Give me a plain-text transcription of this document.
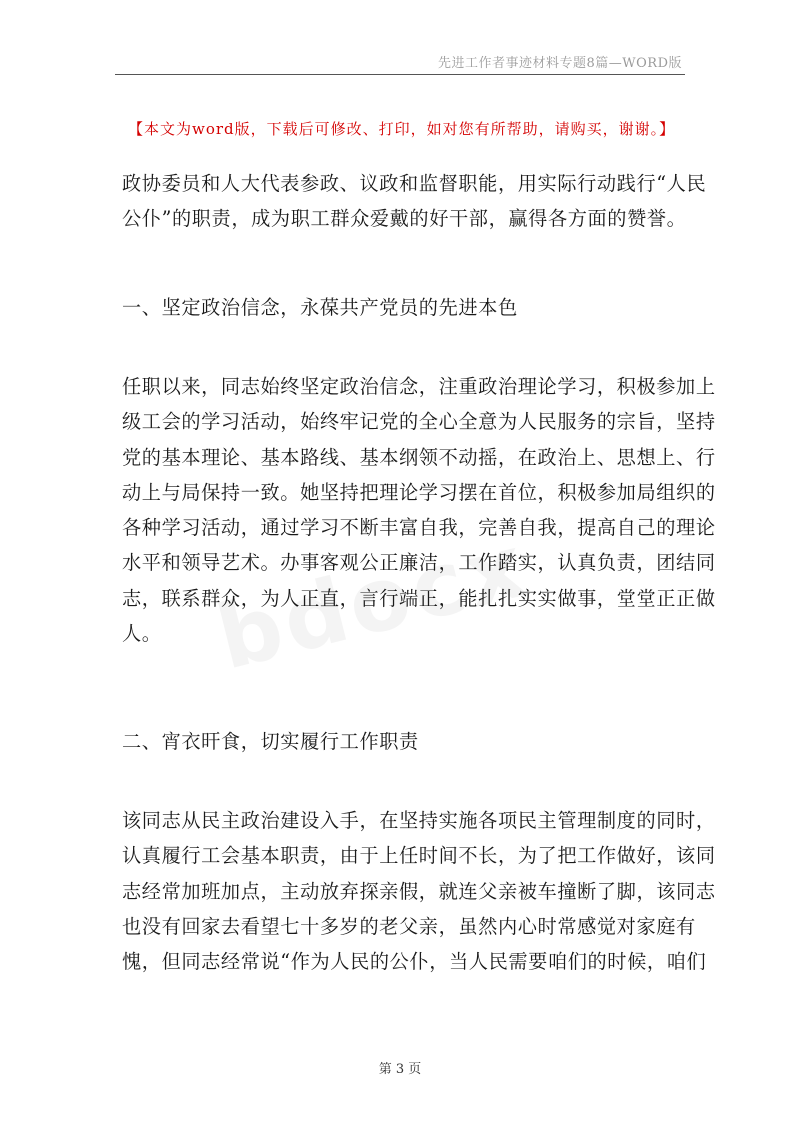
先进工作者事迹材料专题8篇—WORD版
【本文为word版，下载后可修改、打印，如对您有所帮助，请购买，谢谢。】

政协委员和人大代表参政、议政和监督职能，用实际行动践行“人民
公仆”的职责，成为职工群众爱戴的好干部，赢得各方面的赞誉。

一、坚定政治信念，永葆共产党员的先进本色

任职以来，同志始终坚定政治信念，注重政治理论学习，积极参加上
级工会的学习活动，始终牢记党的全心全意为人民服务的宗旨，坚持
党的基本理论、基本路线、基本纲领不动摇，在政治上、思想上、行
动上与局保持一致。她坚持把理论学习摆在首位，积极参加局组织的
各种学习活动，通过学习不断丰富自我，完善自我，提高自己的理论
水平和领导艺术。办事客观公正廉洁，工作踏实，认真负责，团结同
志，联系群众，为人正直，言行端正，能扎扎实实做事，堂堂正正做
人。

二、宵衣旰食，切实履行工作职责

该同志从民主政治建设入手，在坚持实施各项民主管理制度的同时，
认真履行工会基本职责，由于上任时间不长，为了把工作做好，该同
志经常加班加点，主动放弃探亲假，就连父亲被车撞断了脚，该同志
也没有回家去看望七十多岁的老父亲，虽然内心时常感觉对家庭有
愧，但同志经常说“作为人民的公仆，当人民需要咱们的时候，咱们

第 3 页
